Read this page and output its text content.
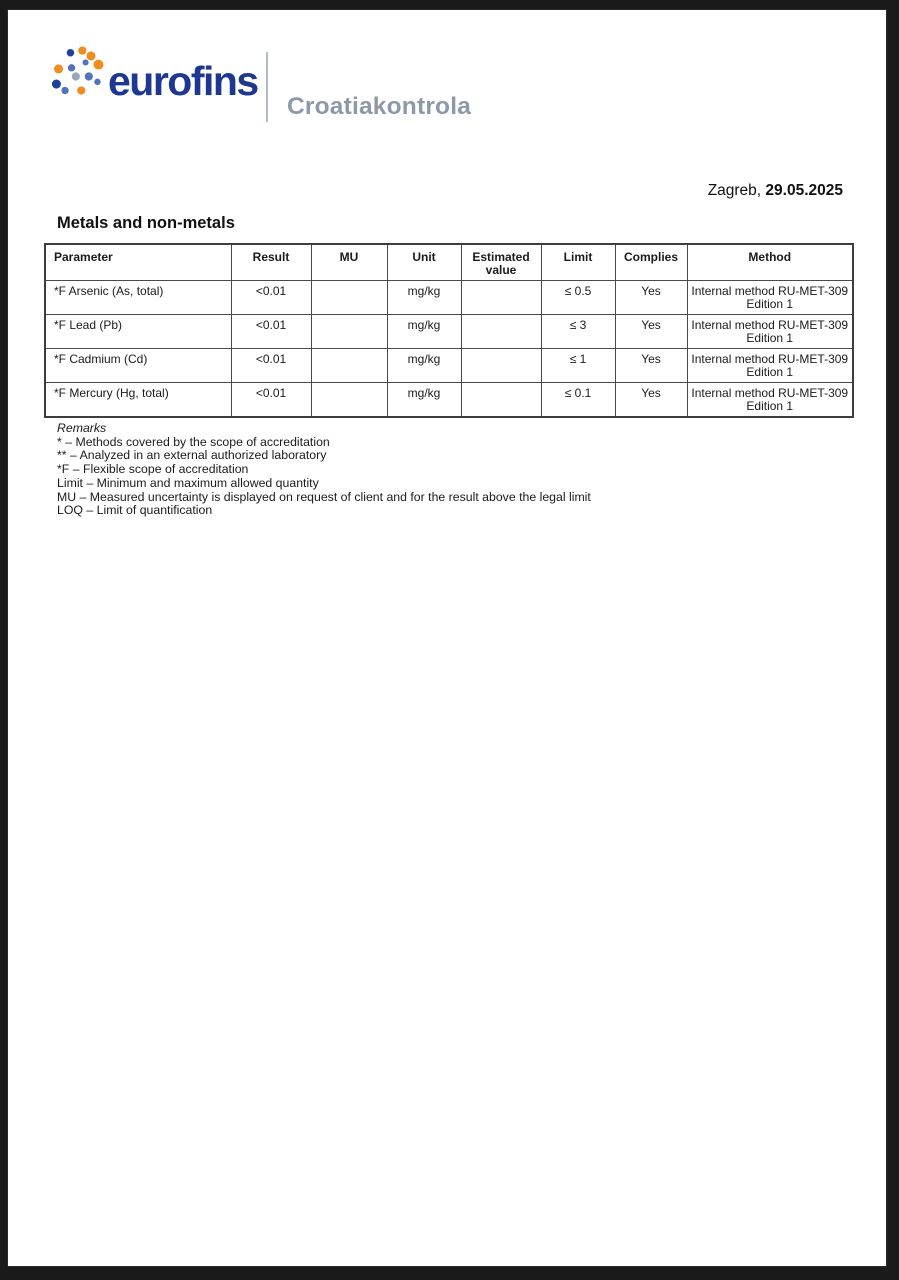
eurofins
Croatiakontrola
Zagreb, 29.05.2025
Metals and non-metals
Parameter	Result	MU	Unit	Estimated value	Limit	Complies	Method
*F Arsenic (As, total)	<0.01		mg/kg		≤ 0.5	Yes	Internal method RU-MET-309 Edition 1
*F Lead (Pb)	<0.01		mg/kg		≤ 3	Yes	Internal method RU-MET-309 Edition 1
*F Cadmium (Cd)	<0.01		mg/kg		≤ 1	Yes	Internal method RU-MET-309 Edition 1
*F Mercury (Hg, total)	<0.01		mg/kg		≤ 0.1	Yes	Internal method RU-MET-309 Edition 1
Remarks
* – Methods covered by the scope of accreditation
** – Analyzed in an external authorized laboratory
*F – Flexible scope of accreditation
Limit – Minimum and maximum allowed quantity
MU – Measured uncertainty is displayed on request of client and for the result above the legal limit
LOQ – Limit of quantification
